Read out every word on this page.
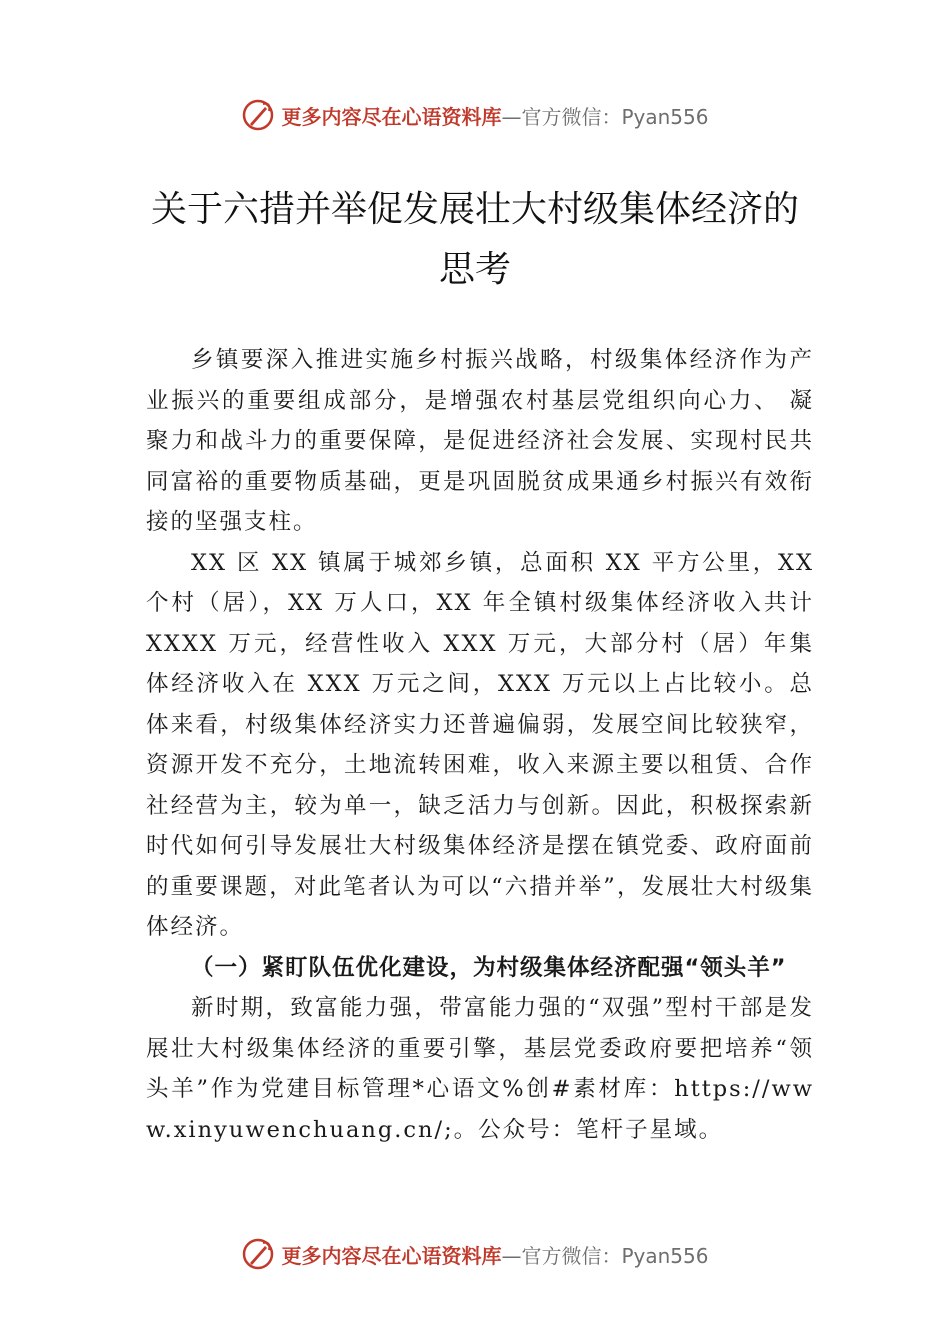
更多内容尽在心语资料库 —官方微信：Pyan556
关于六措并举促发展壮大村级集体经济的
思考

乡镇要深入推进实施乡村振兴战略，村级集体经济作为产业振兴的重要组成部分，是增强农村基层党组织向心力、 凝聚力和战斗力的重要保障，是促进经济社会发展、实现村民共同富裕的重要物质基础，更是巩固脱贫成果通乡村振兴有效衔接的坚强支柱。

XX 区 XX 镇属于城郊乡镇，总面积 XX 平方公里，XX 个村（居），XX 万人口，XX 年全镇村级集体经济收入共计 XXXX 万元，经营性收入 XXX 万元，大部分村（居）年集体经济收入在 XXX 万元之间，XXX 万元以上占比较小。总体来看，村级集体经济实力还普遍偏弱，发展空间比较狭窄，资源开发不充分，土地流转困难，收入来源主要以租赁、合作社经营为主，较为单一，缺乏活力与创新。因此，积极探索新时代如何引导发展壮大村级集体经济是摆在镇党委、政府面前的重要课题，对此笔者认为可以“六措并举”，发展壮大村级集体经济。

（一）紧盯队伍优化建设，为村级集体经济配强“领头羊”

新时期，致富能力强，带富能力强的“双强”型村干部是发展壮大村级集体经济的重要引擎，基层党委政府要把培养“领头羊”作为党建目标管理*心语文%创#素材库：https://www.xinyuwenchuang.cn/;。公众号：笔杆子星域。

更多内容尽在心语资料库 —官方微信：Pyan556
